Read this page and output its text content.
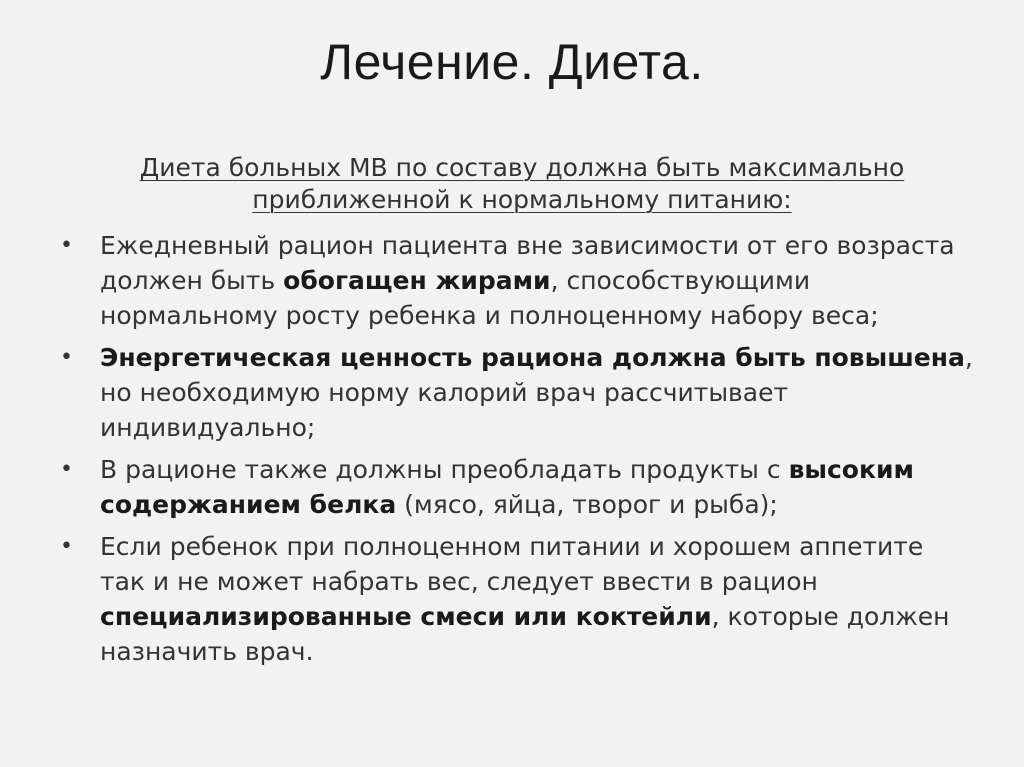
Лечение. Диета.
Диета больных МВ по составу должна быть максимально приближенной к нормальному питанию:
• Ежедневный рацион пациента вне зависимости от его возраста должен быть обогащен жирами, способствующими нормальному росту ребенка и полноценному набору веса;
• Энергетическая ценность рациона должна быть повышена, но необходимую норму калорий врач рассчитывает индивидуально;
• В рационе также должны преобладать продукты с высоким содержанием белка (мясо, яйца, творог и рыба);
• Если ребенок при полноценном питании и хорошем аппетите так и не может набрать вес, следует ввести в рацион специализированные смеси или коктейли, которые должен назначить врач.
